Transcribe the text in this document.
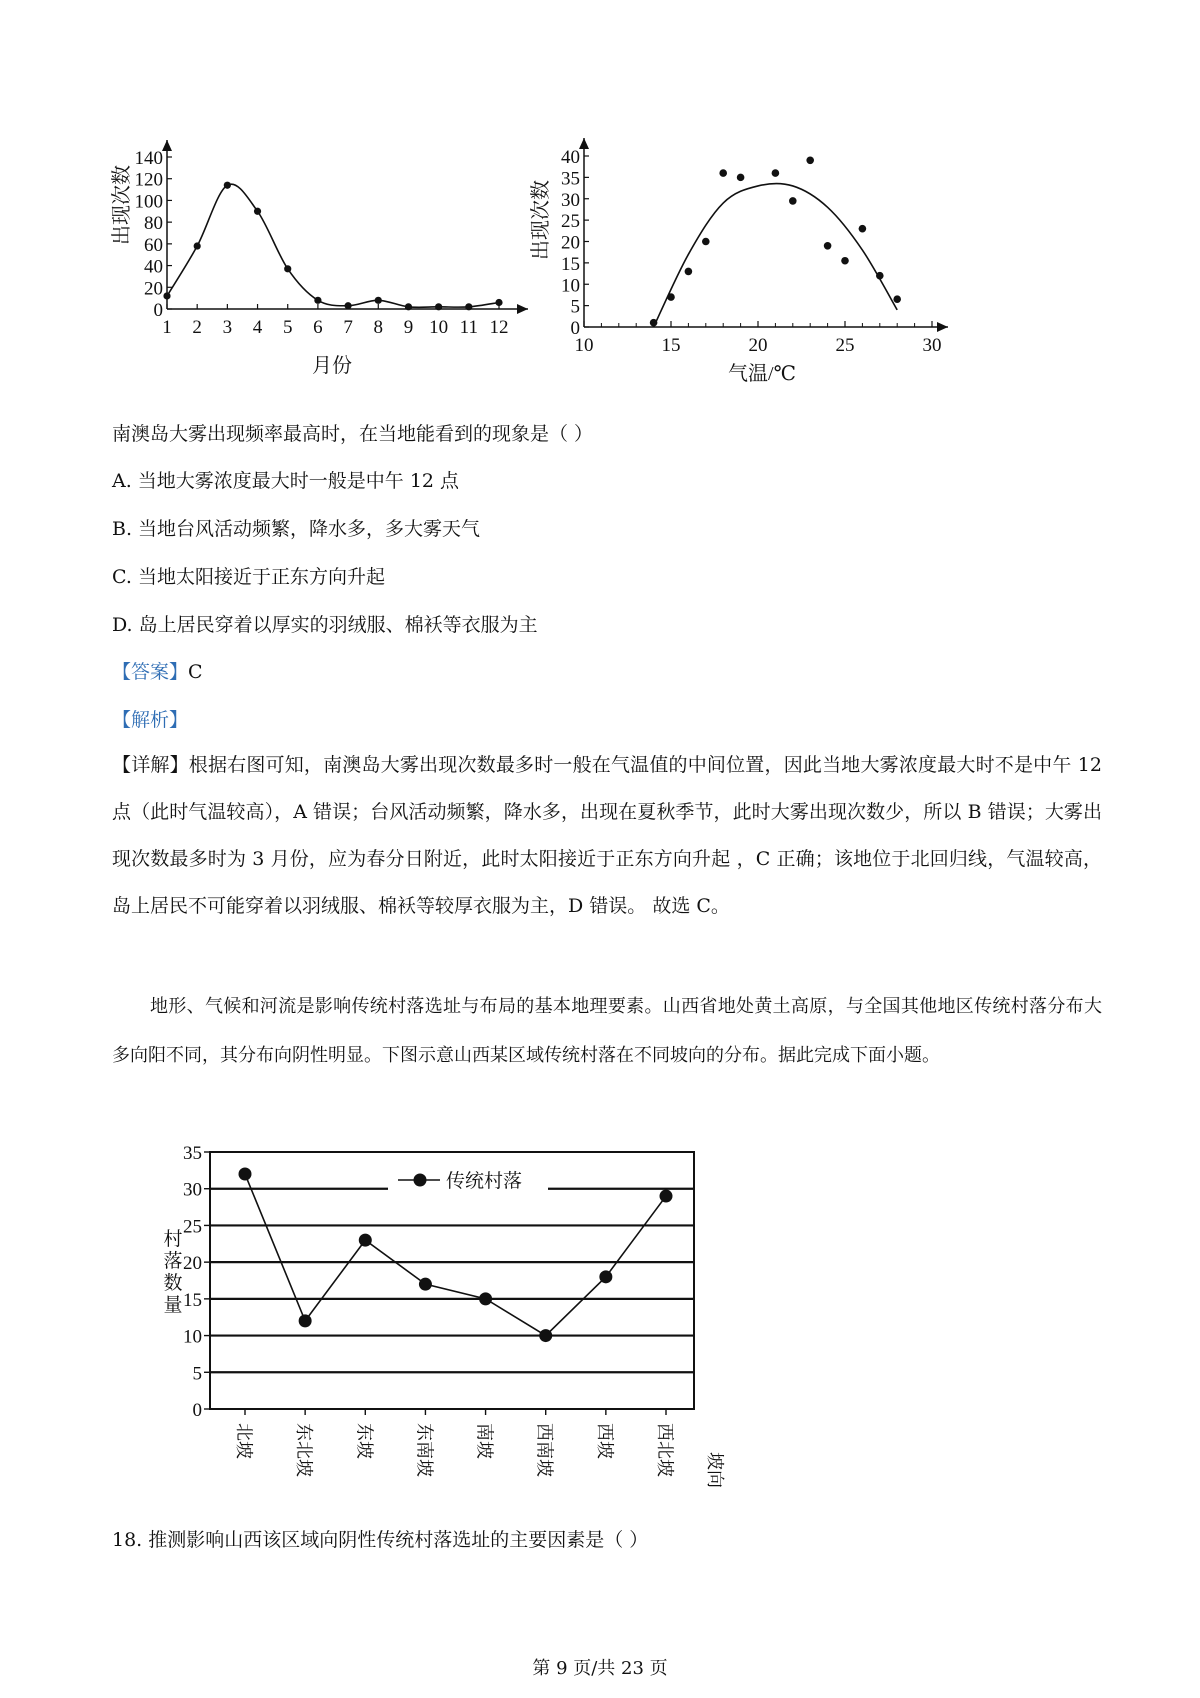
0
20
40
60
80
100
120
140
1 2 3 4 5 6 7 8 9 10 11 12
月份
出现次数
0
5
10
15
20
25
30
35
40
10	15	20	25	30
气温/℃
出现次数
南澳岛大雾出现频率最高时，在当地能看到的现象是（ ）
A. 当地大雾浓度最大时一般是中午 12 点
B. 当地台风活动频繁，降水多，多大雾天气
C. 当地太阳接近于正东方向升起
D. 岛上居民穿着以厚实的羽绒服、棉袄等衣服为主
【答案】C
【解析】
【详解】根据右图可知，南澳岛大雾出现次数最多时一般在气温值的中间位置，因此当地大雾浓度最大时不是中午 12 点（此时气温较高），A 错误；台风活动频繁，降水多，出现在夏秋季节，此时大雾出现次数少，所以 B 错误；大雾出现次数最多时为 3 月份，应为春分日附近，此时太阳接近于正东方向升起 ，C 正确；该地位于北回归线，气温较高，岛上居民不可能穿着以羽绒服、棉袄等较厚衣服为主，D 错误。 故选 C。
地形、气候和河流是影响传统村落选址与布局的基本地理要素。山西省地处黄土高原，与全国其他地区传统村落分布大多向阳不同，其分布向阴性明显。下图示意山西某区域传统村落在不同坡向的分布。据此完成下面小题。
0
5
10
15
20
25
30
35
北坡 东北坡 东坡 东南坡 南坡 西南坡 西坡 西北坡
传统村落
村
落
数
量
坡向
18. 推测影响山西该区域向阴性传统村落选址的主要因素是（ ）
第 9 页/共 23 页
